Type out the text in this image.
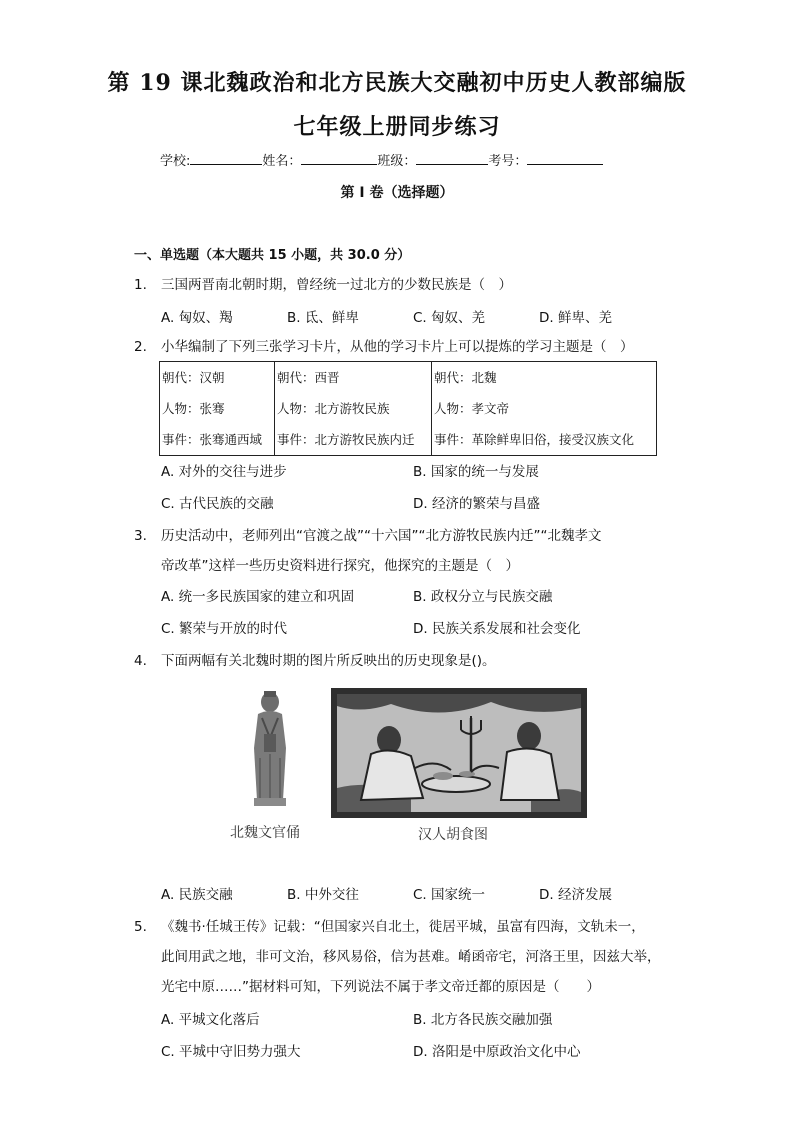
第 19 课北魏政治和北方民族大交融初中历史人教部编版
七年级上册同步练习
学校:	姓名：	班级：	考号：
第 I 卷（选择题）
一、单选题（本大题共 15 小题，共 30.0 分）
1.	三国两晋南北朝时期，曾经统一过北方的少数民族是（　）
A. 匈奴、羯	B. 氐、鲜卑	C. 匈奴、羌	D. 鲜卑、羌
2.	小华编制了下列三张学习卡片，从他的学习卡片上可以提炼的学习主题是（　）
朝代：汉朝
人物：张骞
事件：张骞通西域

朝代：西晋
人物：北方游牧民族
事件：北方游牧民族内迁

朝代：北魏
人物：孝文帝
事件：革除鲜卑旧俗，接受汉族文化
A. 对外的交往与进步	B. 国家的统一与发展
C. 古代民族的交融	D. 经济的繁荣与昌盛
3.	历史活动中，老师列出“官渡之战”“十六国”“北方游牧民族内迁”“北魏孝文
帝改革”这样一些历史资料进行探究，他探究的主题是（　）
A. 统一多民族国家的建立和巩固	B. 政权分立与民族交融
C. 繁荣与开放的时代	D. 民族关系发展和社会变化
4.	下面两幅有关北魏时期的图片所反映出的历史现象是()。
北魏文官俑	汉人胡食图
A. 民族交融	B. 中外交往	C. 国家统一	D. 经济发展
5.	《魏书·任城王传》记载：“但国家兴自北土，徙居平城，虽富有四海，文轨未一，
此间用武之地，非可文治，移风易俗，信为甚难。崤函帝宅，河洛王里，因兹大举，
光宅中原……”据材料可知，下列说法不属于孝文帝迁都的原因是（　　）
A. 平城文化落后	B. 北方各民族交融加强
C. 平城中守旧势力强大	D. 洛阳是中原政治文化中心
